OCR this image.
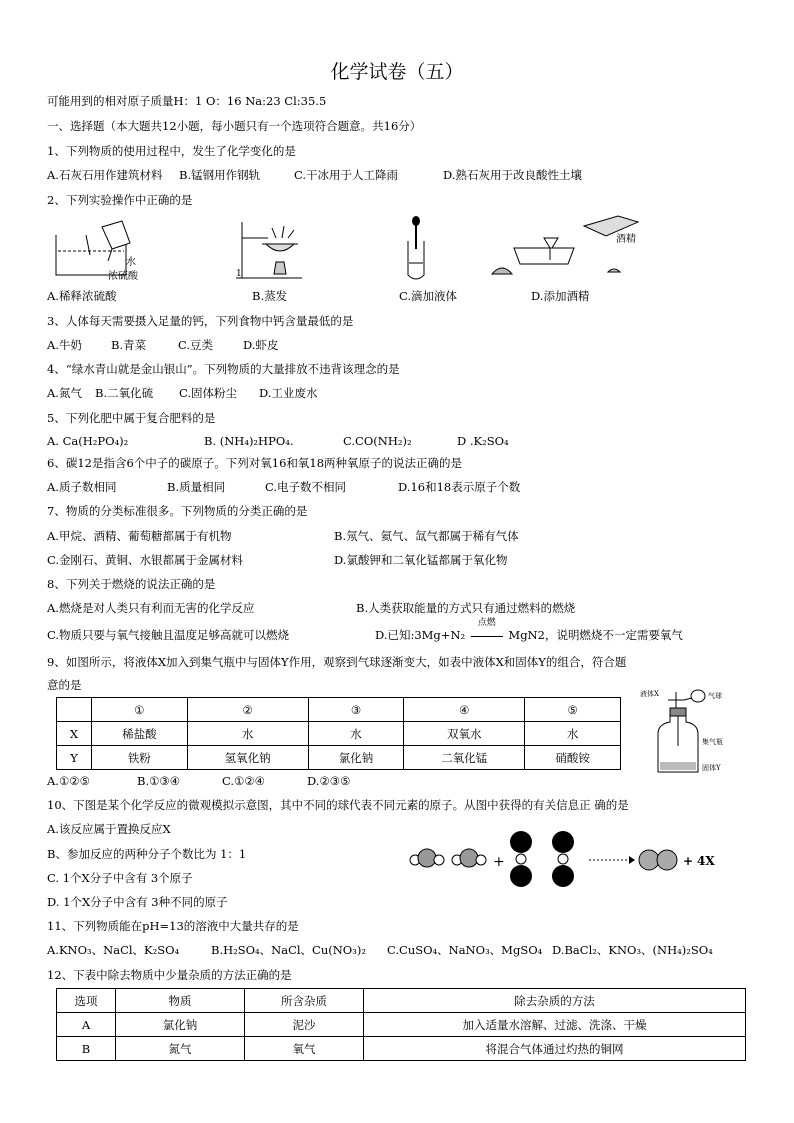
化学试卷（五）
可能用到的相对原子质量H：1 O：16 Na:23 Cl:35.5
一、选择题（本大题共12小题，每小题只有一个选项符合题意。共16分）
1、下列物质的使用过程中，发生了化学变化的是
A.石灰石用作建筑材料	B.锰钢用作钢轨	C.干冰用于人工降雨	D.熟石灰用于改良酸性土壤
2、下列实验操作中正确的是
水
浓硫酸	1
酒精
A.稀释浓硫酸	B.蒸发	C.滴加液体	D.添加酒精
3、人体每天需要摄入足量的钙，下列食物中钙含量最低的是
A.牛奶	B.青菜	C.豆类	D.虾皮
4、“绿水青山就是金山银山”。下列物质的大量排放不违背该理念的是
A.氮气	B.二氧化硫	C.固体粉尘	D.工业废水
5、下列化肥中属于复合肥料的是
A. Ca(H₂PO₄)₂	B. (NH₄)₂HPO₄.	C.CO(NH₂)₂	D .K₂SO₄
6、碳12是指含6个中子的碳原子。下列对氧16和氧18两种氧原子的说法正确的是
A.质子数相同	B.质量相同	C.电子数不相同	D.16和18表示原子个数
7、物质的分类标准很多。下列物质的分类正确的是
A.甲烷、酒精、葡萄糖都属于有机物	B.氖气、氦气、氙气都属于稀有气体
C.金刚石、黄铜、水银都属于金属材料	D.氯酸钾和二氧化锰都属于氧化物
8、下列关于燃烧的说法正确的是
A.燃烧是对人类只有利而无害的化学反应	B.人类获取能量的方式只有通过燃料的燃烧
C.物质只要与氧气接触且温度足够高就可以燃烧	D.已知:3Mg+N₂
点燃
MgN2，说明燃烧不一定需要氧气
9、如图所示，将液体X加入到集气瓶中与固体Y作用，观察到气球逐渐变大，如表中液体X和固体Y的组合，符合题
意的是
	①	②	③	④	⑤
X	稀盐酸	水	水	双氧水	水
Y	铁粉	氢氧化钠	氯化钠	二氧化锰	硝酸铵
液体X	气球
集气瓶
固体Y
A.①②⑤	B.①③④	C.①②④	D.②③⑤
10、下图是某个化学反应的微观模拟示意图，其中不同的球代表不同元素的原子。从图中获得的有关信息正 确的是
A.该反应属于置换反应X
B、参加反应的两种分子个数比为 1：1
C. 1个X分子中含有 3个原子
D. 1个X分子中含有 3种不同的原子
+	+ 4X
11、下列物质能在pH=13的溶液中大量共存的是
A.KNO₃、NaCl、K₂SO₄	B.H₂SO₄、NaCl、Cu(NO₃)₂	C.CuSO₄、NaNO₃、MgSO₄ D.BaCl₂、KNO₃、(NH₄)₂SO₄
12、下表中除去物质中少量杂质的方法正确的是
选项	物质	所含杂质	除去杂质的方法
A	氯化钠	泥沙	加入适量水溶解、过滤、洗涤、干燥
B	氮气	氧气	将混合气体通过灼热的铜网
